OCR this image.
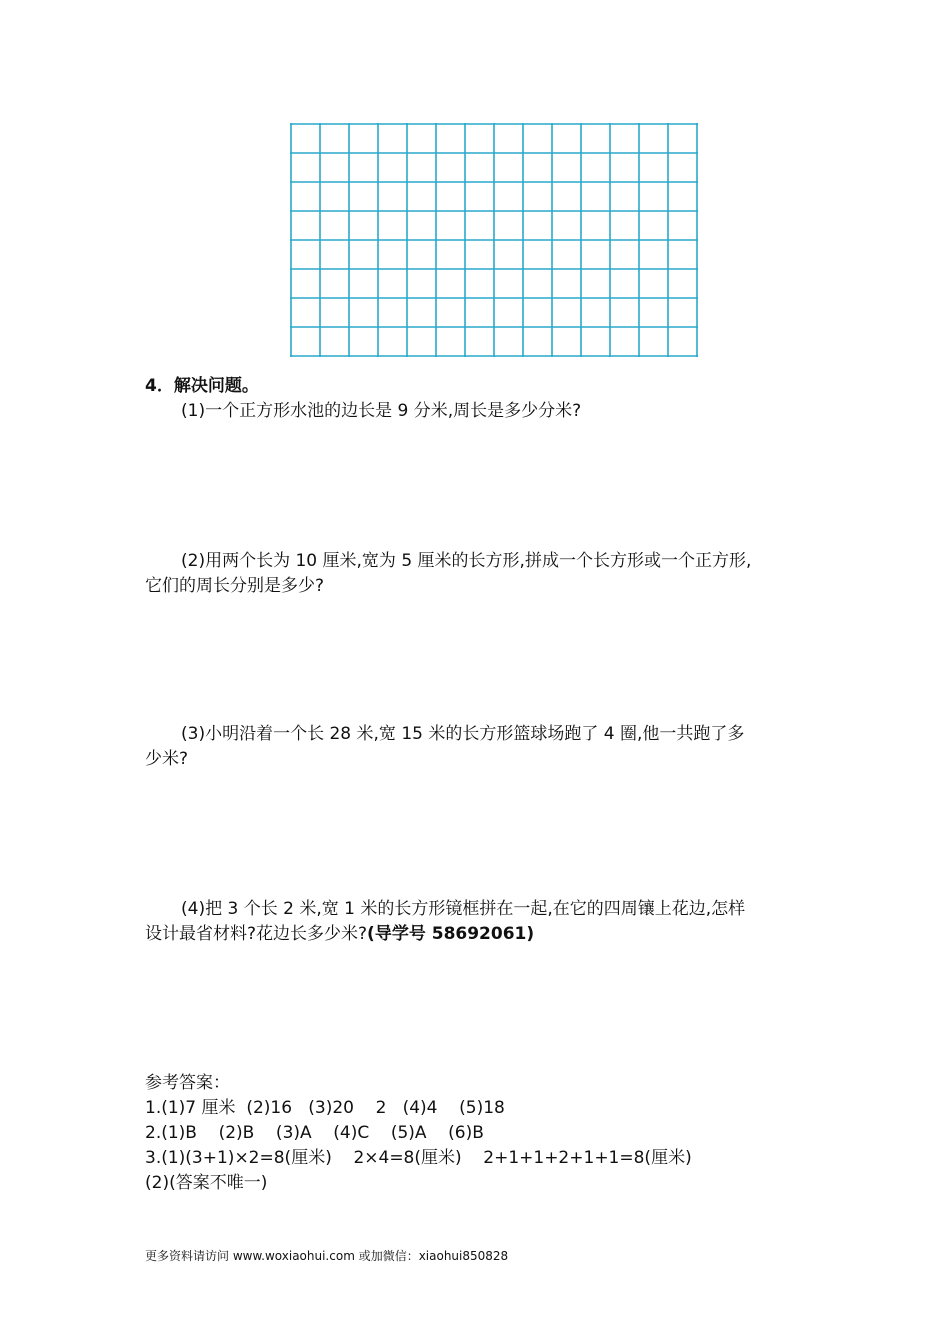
4．解决问题。
(1)一个正方形水池的边长是 9 分米,周长是多少分米?
(2)用两个长为 10 厘米,宽为 5 厘米的长方形,拼成一个长方形或一个正方形,
它们的周长分别是多少?
(3)小明沿着一个长 28 米,宽 15 米的长方形篮球场跑了 4 圈,他一共跑了多
少米?
(4)把 3 个长 2 米,宽 1 米的长方形镜框拼在一起,在它的四周镶上花边,怎样
设计最省材料?花边长多少米?(导学号 58692061)
参考答案：
1.(1)7 厘米  (2)16   (3)20    2   (4)4    (5)18
2.(1)B    (2)B    (3)A    (4)C    (5)A    (6)B
3.(1)(3+1)×2=8(厘米)    2×4=8(厘米)    2+1+1+2+1+1=8(厘米)
(2)(答案不唯一)
更多资料请访问 www.woxiaohui.com 或加微信：xiaohui850828
